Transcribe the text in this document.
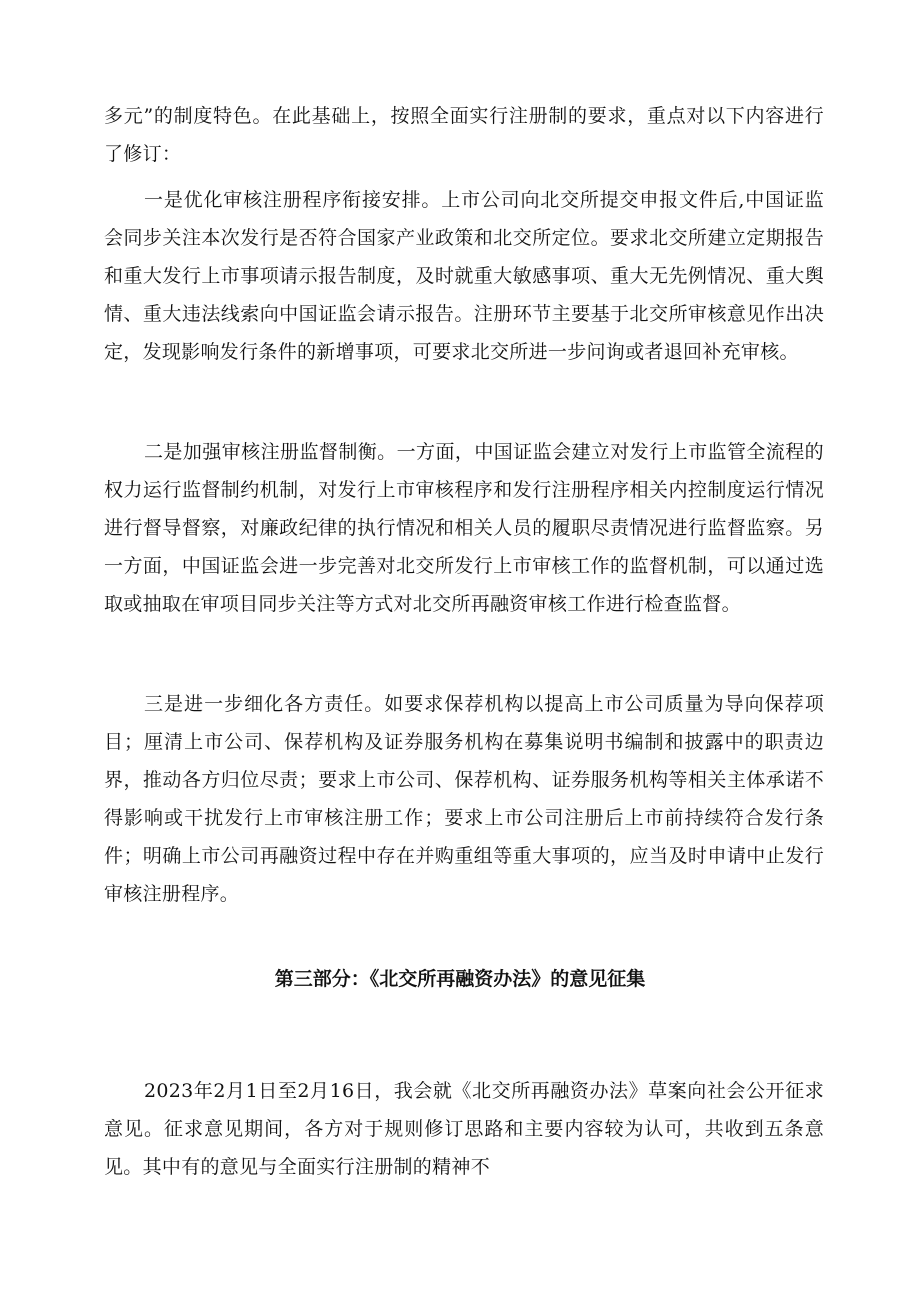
多元”的制度特色。在此基础上，按照全面实行注册制的要求，重点对以下内容进行了修订：

一是优化审核注册程序衔接安排。上市公司向北交所提交申报文件后,中国证监会同步关注本次发行是否符合国家产业政策和北交所定位。要求北交所建立定期报告和重大发行上市事项请示报告制度，及时就重大敏感事项、重大无先例情况、重大舆情、重大违法线索向中国证监会请示报告。注册环节主要基于北交所审核意见作出决定，发现影响发行条件的新增事项，可要求北交所进一步问询或者退回补充审核。

二是加强审核注册监督制衡。一方面，中国证监会建立对发行上市监管全流程的权力运行监督制约机制，对发行上市审核程序和发行注册程序相关内控制度运行情况进行督导督察，对廉政纪律的执行情况和相关人员的履职尽责情况进行监督监察。另一方面，中国证监会进一步完善对北交所发行上市审核工作的监督机制，可以通过选取或抽取在审项目同步关注等方式对北交所再融资审核工作进行检查监督。

三是进一步细化各方责任。如要求保荐机构以提高上市公司质量为导向保荐项目；厘清上市公司、保荐机构及证券服务机构在募集说明书编制和披露中的职责边界，推动各方归位尽责；要求上市公司、保荐机构、证券服务机构等相关主体承诺不得影响或干扰发行上市审核注册工作；要求上市公司注册后上市前持续符合发行条件；明确上市公司再融资过程中存在并购重组等重大事项的，应当及时申请中止发行审核注册程序。

第三部分：《北交所再融资办法》的意见征集

2023年2月1日至2月16日，我会就《北交所再融资办法》草案向社会公开征求意见。征求意见期间，各方对于规则修订思路和主要内容较为认可，共收到五条意见。其中有的意见与全面实行注册制的精神不
